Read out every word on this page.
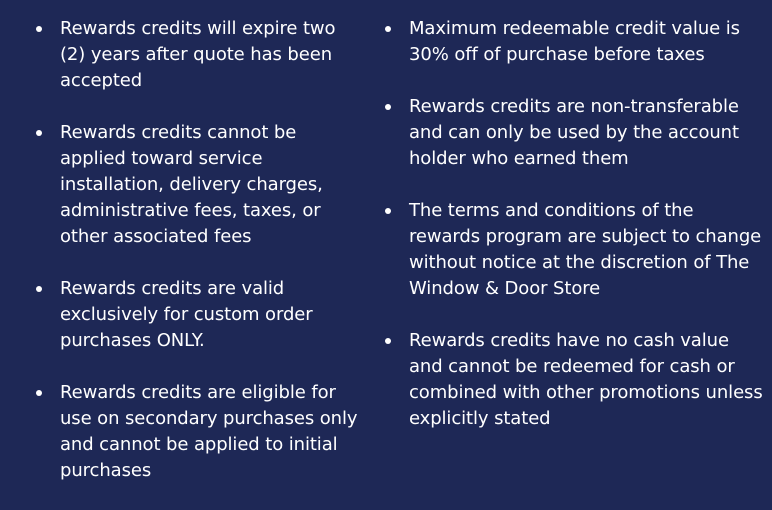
Rewards credits will expire two (2) years after quote has been accepted
Rewards credits cannot be applied toward service installation, delivery charges, administrative fees, taxes, or other associated fees
Rewards credits are valid exclusively for custom order purchases ONLY.
Rewards credits are eligible for use on secondary purchases only and cannot be applied to initial purchases
Maximum redeemable credit value is 30% off of purchase before taxes
Rewards credits are non-transferable and can only be used by the account holder who earned them
The terms and conditions of the rewards program are subject to change without notice at the discretion of The Window & Door Store
Rewards credits have no cash value and cannot be redeemed for cash or combined with other promotions unless explicitly stated
